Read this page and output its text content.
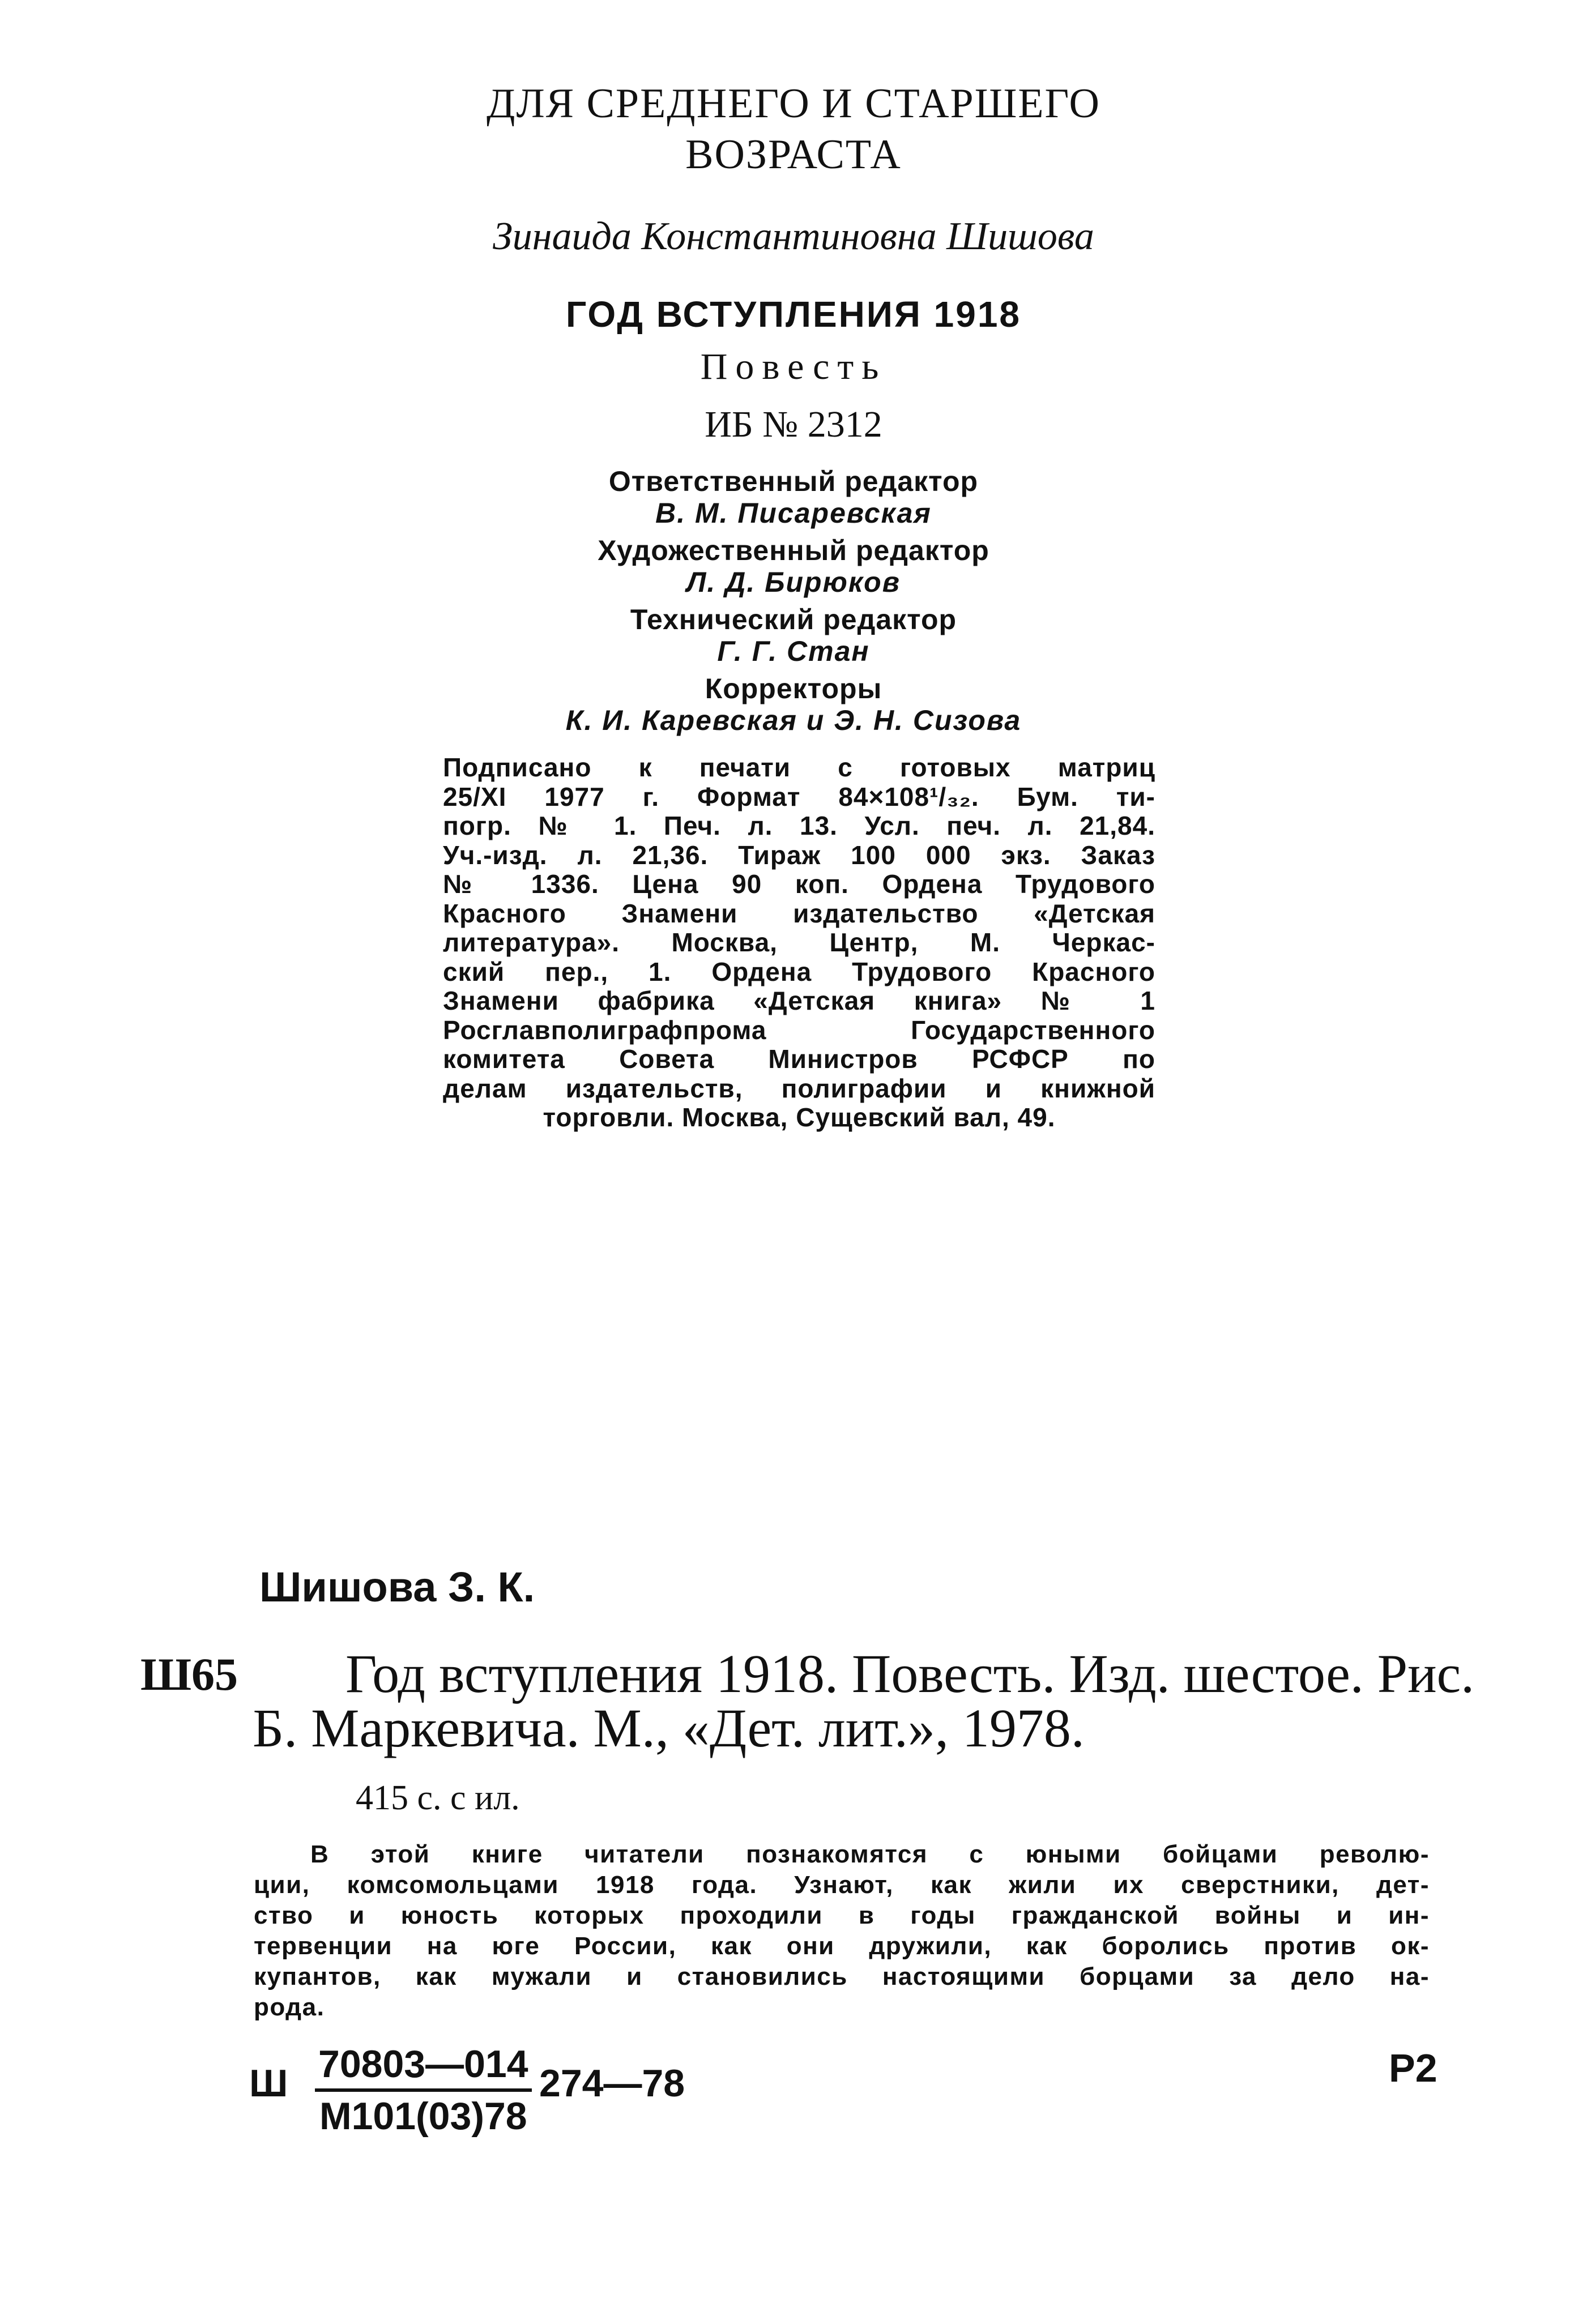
ДЛЯ СРЕДНЕГО И СТАРШЕГО
ВОЗРАСТА
Зинаида Константиновна Шишова
ГОД ВСТУПЛЕНИЯ 1918
Повесть
ИБ № 2312
Ответственный редактор
В. М. Писаревская
Художественный редактор
Л. Д. Бирюков
Технический редактор
Г. Г. Стан
Корректоры
К. И. Каревская и Э. Н. Сизова
Подписано к печати с готовых матриц
25/XI 1977 г. Формат 84×108¹/₃₂. Бум. ти-
погр. № 1. Печ. л. 13. Усл. печ. л. 21,84.
Уч.-изд. л. 21,36. Тираж 100 000 экз. Заказ
№ 1336. Цена 90 коп. Ордена Трудового
Красного Знамени издательство «Детская
литература». Москва, Центр, М. Черкас-
ский пер., 1. Ордена Трудового Красного
Знамени фабрика «Детская книга» № 1
Росглавполиграфпрома Государственного
комитета Совета Министров РСФСР по
делам издательств, полиграфии и книжной
торговли. Москва, Сущевский вал, 49.
Шишова З. К.
Ш65 Год вступления 1918. Повесть. Изд. шестое. Рис.
Б. Маркевича. М., «Дет. лит.», 1978.
415 с. с ил.
В этой книге читатели познакомятся с юными бойцами револю-
ции, комсомольцами 1918 года. Узнают, как жили их сверстники, дет-
ство и юность которых проходили в годы гражданской войны и ин-
тервенции на юге России, как они дружили, как боролись против ок-
купантов, как мужали и становились настоящими борцами за дело на-
рода.
Ш 70803—014
М101(03)78
274—78	Р2
